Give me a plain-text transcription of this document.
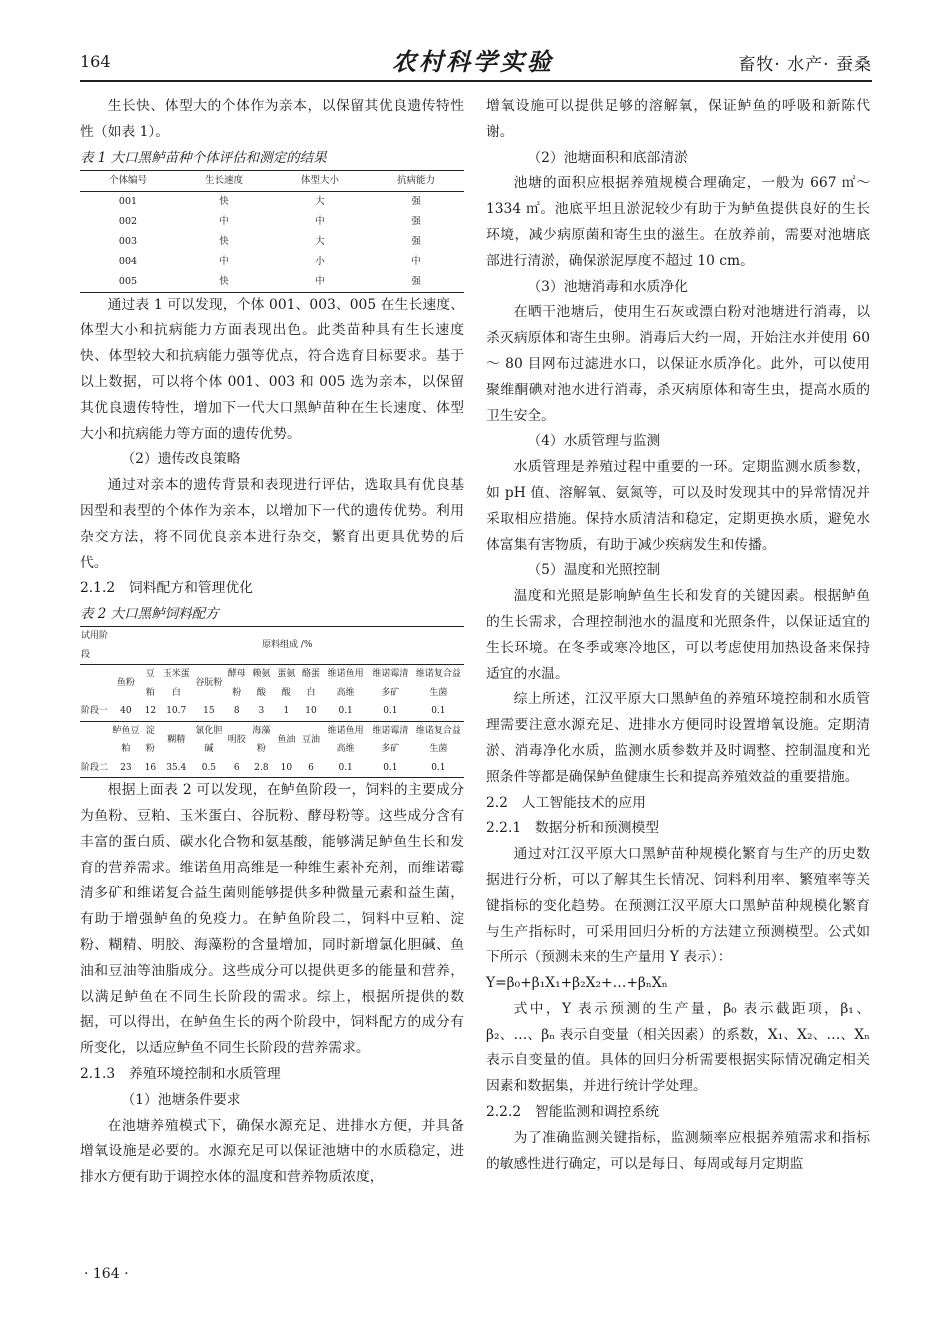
164	农村科学实验	畜牧· 水产· 蚕桑

生长快、体型大的个体作为亲本，以保留其优良遗传特性性（如表 1）。

表 1 大口黑鲈苗种个体评估和测定的结果

个体编号	生长速度	体型大小	抗病能力
001	快	大	强
002	中	中	强
003	快	大	强
004	中	小	中
005	快	中	强

通过表 1 可以发现，个体 001、003、005 在生长速度、体型大小和抗病能力方面表现出色。此类苗种具有生长速度快、体型较大和抗病能力强等优点，符合选育目标要求。基于以上数据，可以将个体 001、003 和 005 选为亲本，以保留其优良遗传特性，增加下一代大口黑鲈苗种在生长速度、体型大小和抗病能力等方面的遗传优势。

（2）遗传改良策略

通过对亲本的遗传背景和表现进行评估，选取具有优良基因型和表型的个体作为亲本，以增加下一代的遗传优势。利用杂交方法，将不同优良亲本进行杂交，繁育出更具优势的后代。

2.1.2　饲料配方和管理优化

表 2 大口黑鲈饲料配方

试用阶段	原料组成 /%										
	鱼粉	豆粕	玉米蛋白	谷朊粉	酵母粉	赖氨酸	蛋氨酸	酪蛋白	维诺鱼用高维	维诺霉清多矿	维诺复合益生菌
阶段一	40	12	10.7	15	8	3	1	10	0.1	0.1	0.1
	鲈鱼豆粕	淀粉	糊精	氯化胆碱	明胶	海藻粉	鱼油	豆油	维诺鱼用高维	维诺霉清多矿	维诺复合益生菌
阶段二	23	16	35.4	0.5	6	2.8	10	6	0.1	0.1	0.1

根据上面表 2 可以发现，在鲈鱼阶段一，饲料的主要成分为鱼粉、豆粕、玉米蛋白、谷朊粉、酵母粉等。这些成分含有丰富的蛋白质、碳水化合物和氨基酸，能够满足鲈鱼生长和发育的营养需求。维诺鱼用高维是一种维生素补充剂，而维诺霉清多矿和维诺复合益生菌则能够提供多种微量元素和益生菌，有助于增强鲈鱼的免疫力。在鲈鱼阶段二，饲料中豆粕、淀粉、糊精、明胶、海藻粉的含量增加，同时新增氯化胆碱、鱼油和豆油等油脂成分。这些成分可以提供更多的能量和营养，以满足鲈鱼在不同生长阶段的需求。综上，根据所提供的数据，可以得出，在鲈鱼生长的两个阶段中，饲料配方的成分有所变化，以适应鲈鱼不同生长阶段的营养需求。

2.1.3　养殖环境控制和水质管理

（1）池塘条件要求

在池塘养殖模式下，确保水源充足、进排水方便，并具备增氧设施是必要的。水源充足可以保证池塘中的水质稳定，进排水方便有助于调控水体的温度和营养物质浓度，

增氧设施可以提供足够的溶解氧，保证鲈鱼的呼吸和新陈代谢。

（2）池塘面积和底部清淤

池塘的面积应根据养殖规模合理确定，一般为 667 ㎡～ 1334 ㎡。池底平坦且淤泥较少有助于为鲈鱼提供良好的生长环境，减少病原菌和寄生虫的滋生。在放养前，需要对池塘底部进行清淤，确保淤泥厚度不超过 10 cm。

（3）池塘消毒和水质净化

在晒干池塘后，使用生石灰或漂白粉对池塘进行消毒，以杀灭病原体和寄生虫卵。消毒后大约一周，开始注水并使用 60 ～ 80 目网布过滤进水口，以保证水质净化。此外，可以使用聚维酮碘对池水进行消毒，杀灭病原体和寄生虫，提高水质的卫生安全。

（4）水质管理与监测

水质管理是养殖过程中重要的一环。定期监测水质参数，如 pH 值、溶解氧、氨氮等，可以及时发现其中的异常情况并采取相应措施。保持水质清洁和稳定，定期更换水质，避免水体富集有害物质，有助于减少疾病发生和传播。

（5）温度和光照控制

温度和光照是影响鲈鱼生长和发育的关键因素。根据鲈鱼的生长需求，合理控制池水的温度和光照条件，以保证适宜的生长环境。在冬季或寒冷地区，可以考虑使用加热设备来保持适宜的水温。

综上所述，江汉平原大口黑鲈鱼的养殖环境控制和水质管理需要注意水源充足、进排水方便同时设置增氧设施。定期清淤、消毒净化水质，监测水质参数并及时调整、控制温度和光照条件等都是确保鲈鱼健康生长和提高养殖效益的重要措施。

2.2　人工智能技术的应用

2.2.1　数据分析和预测模型

通过对江汉平原大口黑鲈苗种规模化繁育与生产的历史数据进行分析，可以了解其生长情况、饲料利用率、繁殖率等关键指标的变化趋势。在预测江汉平原大口黑鲈苗种规模化繁育与生产指标时，可采用回归分析的方法建立预测模型。公式如下所示（预测未来的生产量用 Y 表示）：

Y=β₀+β₁X₁+β₂X₂+…+βₙXₙ

式中，Y 表示预测的生产量，β₀ 表示截距项，β₁、β₂、…、βₙ 表示自变量（相关因素）的系数，X₁、X₂、…、Xₙ 表示自变量的值。具体的回归分析需要根据实际情况确定相关因素和数据集，并进行统计学处理。

2.2.2　智能监测和调控系统

为了准确监测关键指标，监测频率应根据养殖需求和指标的敏感性进行确定，可以是每日、每周或每月定期监

· 164 ·
